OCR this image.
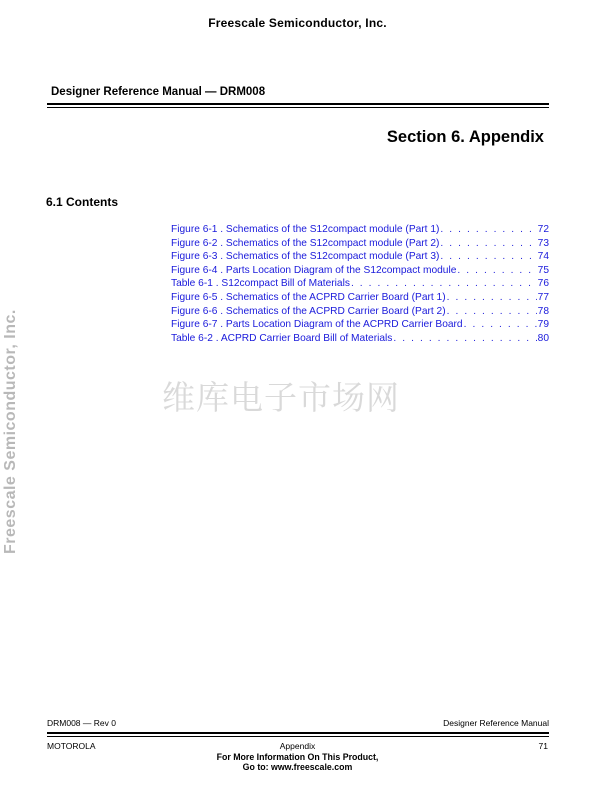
Freescale Semiconductor, Inc.
Freescale Semiconductor, Inc.
Designer Reference Manual — DRM008
Section 6. Appendix
6.1 Contents
Figure 6-1 . Schematics of the S12compact module (Part 1) . . .	72
Figure 6-2 . Schematics of the S12compact module (Part 2) . . .	73
Figure 6-3 . Schematics of the S12compact module (Part 3) . . .	74
Figure 6-4 . Parts Location Diagram of the S12compact module . . .	75
Table 6-1 . S12compact Bill of Materials . . .	76
Figure 6-5 . Schematics of the ACPRD Carrier Board (Part 1) . . .	77
Figure 6-6 . Schematics of the ACPRD Carrier Board (Part 2) . . .	78
Figure 6-7 . Parts Location Diagram of the ACPRD Carrier Board . . .	79
Table 6-2 . ACPRD Carrier Board Bill of Materials . . .	80
维库电子市场网
DRM008 — Rev 0	Designer Reference Manual
MOTOROLA	Appendix	71
For More Information On This Product,
Go to: www.freescale.com
